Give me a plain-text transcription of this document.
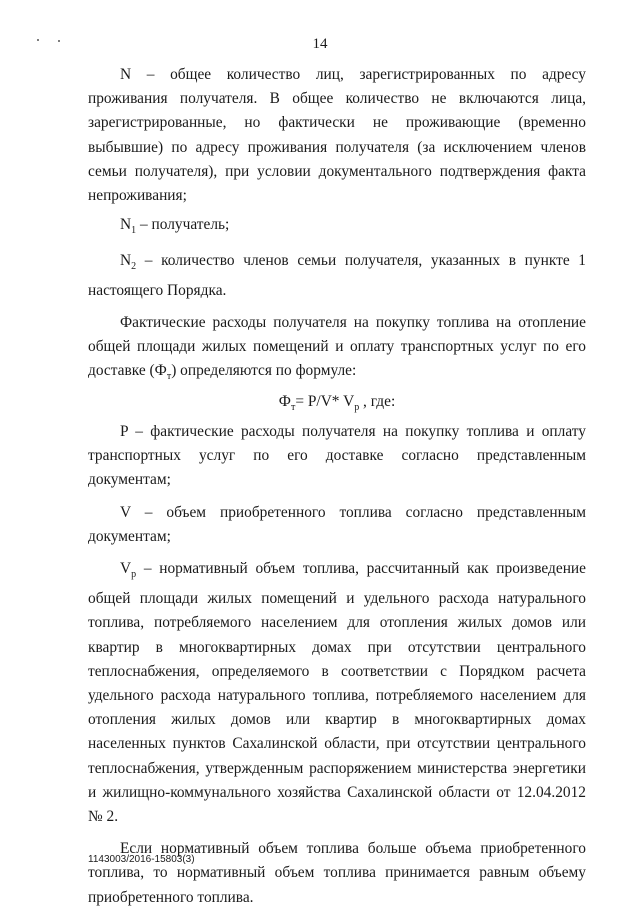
14

N – общее количество лиц, зарегистрированных по адресу проживания получателя. В общее количество не включаются лица, зарегистрированные, но фактически не проживающие (временно выбывшие) по адресу проживания получателя (за исключением членов семьи получателя), при условии документального подтверждения факта непроживания;

$N_1$ – получатель;

$N_2$ – количество членов семьи получателя, указанных в пункте 1 настоящего Порядка.

Фактические расходы получателя на покупку топлива на отопление общей площади жилых помещений и оплату транспортных услуг по его доставке $(Ф_т)$ определяются по формуле:

$Ф_т= P/V*$ $V_р$ , где:

P – фактические расходы получателя на покупку топлива и оплату транспортных услуг по его доставке согласно представленным документам;

V – объем приобретенного топлива согласно представленным документам;

$V_р$ – нормативный объем топлива, рассчитанный как произведение общей площади жилых помещений и удельного расхода натурального топлива, потребляемого населением для отопления жилых домов или квартир в многоквартирных домах при отсутствии центрального теплоснабжения, определяемого в соответствии с Порядком расчета удельного расхода натурального топлива, потребляемого населением для отопления жилых домов или квартир в многоквартирных домах населенных пунктов Сахалинской области, при отсутствии центрального теплоснабжения, утвержденным распоряжением министерства энергетики и жилищно-коммунального хозяйства Сахалинской области от 12.04.2012 № 2.

Если нормативный объем топлива больше объема приобретенного топлива, то нормативный объем топлива принимается равным объему приобретенного топлива.

1143003/2016-15803(3)
